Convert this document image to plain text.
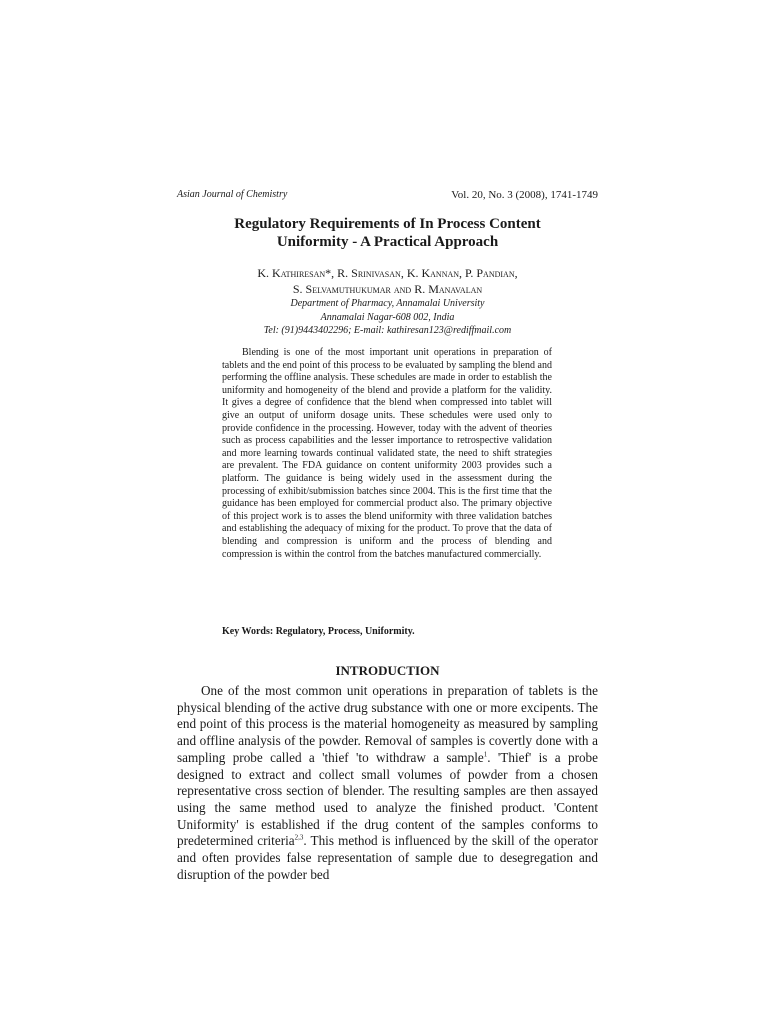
Asian Journal of Chemistry	Vol. 20, No. 3 (2008), 1741-1749
Regulatory Requirements of In Process Content
Uniformity - A Practical Approach
K. Kathiresan*, R. Srinivasan, K. Kannan, P. Pandian,
S. Selvamuthukumar and R. Manavalan
Department of Pharmacy, Annamalai University
Annamalai Nagar-608 002, India
Tel: (91)9443402296; E-mail: kathiresan123@rediffmail.com

Blending is one of the most important unit operations in preparation of tablets and the end point of this process to be evaluated by sampling the blend and performing the offline analysis. These schedules are made in order to establish the uniformity and homogeneity of the blend and provide a platform for the validity. It gives a degree of confidence that the blend when compressed into tablet will give an output of uniform dosage units. These schedules were used only to provide confidence in the processing. However, today with the advent of theories such as process capabilities and the lesser importance to retrospective validation and more learning towards continual validated state, the need to shift strategies are prevalent. The FDA guidance on content uniformity 2003 provides such a platform. The guidance is being widely used in the assessment during the processing of exhibit/submission batches since 2004. This is the first time that the guidance has been employed for commercial product also. The primary objective of this project work is to asses the blend uniformity with three validation batches and establishing the adequacy of mixing for the product. To prove that the data of blending and compression is uniform and the process of blending and compression is within the control from the batches manufactured commercially.

Key Words: Regulatory, Process, Uniformity.
INTRODUCTION

One of the most common unit operations in preparation of tablets is the physical blending of the active drug substance with one or more excipents. The end point of this process is the material homogeneity as measured by sampling and offline analysis of the powder. Removal of samples is covertly done with a sampling probe called a 'thief 'to withdraw a sample$^1$. 'Thief' is a probe designed to extract and collect small volumes of powder from a chosen representative cross section of blender. The resulting samples are then assayed using the same method used to analyze the finished product. 'Content Uniformity' is established if the drug content of the samples conforms to predetermined criteria$^{2,3}$. This method is influenced by the skill of the operator and often provides false representation of sample due to desegregation and disruption of the powder bed
